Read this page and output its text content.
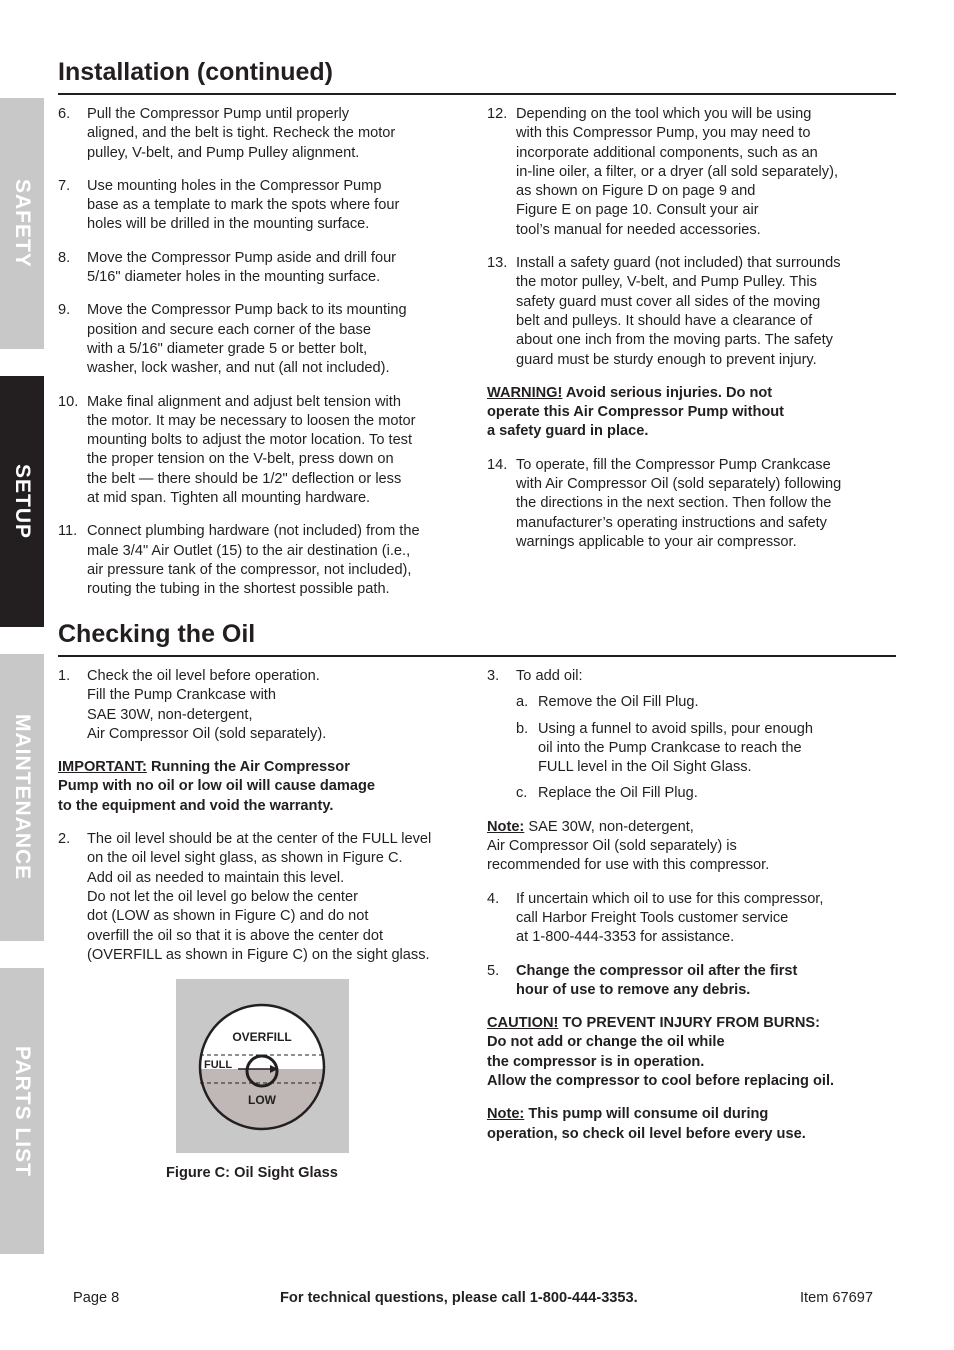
SAFETY
SETUP
MAINTENANCE
PARTS LIST
Installation (continued)
6.	Pull the Compressor Pump until properly
aligned, and the belt is tight. Recheck the motor
pulley, V-belt, and Pump Pulley alignment.
7.	Use mounting holes in the Compressor Pump
base as a template to mark the spots where four
holes will be drilled in the mounting surface.
8.	Move the Compressor Pump aside and drill four
5/16" diameter holes in the mounting surface.
9.	Move the Compressor Pump back to its mounting
position and secure each corner of the base
with a 5/16" diameter grade 5 or better bolt,
washer, lock washer, and nut (all not included).
10. Make final alignment and adjust belt tension with
the motor. It may be necessary to loosen the motor
mounting bolts to adjust the motor location. To test
the proper tension on the V-belt, press down on
the belt — there should be 1/2" deflection or less
at mid span. Tighten all mounting hardware.
11. Connect plumbing hardware (not included) from the
male 3/4" Air Outlet (15) to the air destination (i.e.,
air pressure tank of the compressor, not included),
routing the tubing in the shortest possible path.
12. Depending on the tool which you will be using
with this Compressor Pump, you may need to
incorporate additional components, such as an
in-line oiler, a filter, or a dryer (all sold separately),
as shown on Figure D on page 9 and
Figure E on page 10. Consult your air
tool’s manual for needed accessories.
13. Install a safety guard (not included) that surrounds
the motor pulley, V-belt, and Pump Pulley. This
safety guard must cover all sides of the moving
belt and pulleys. It should have a clearance of
about one inch from the moving parts. The safety
guard must be sturdy enough to prevent injury.
WARNING! Avoid serious injuries. Do not
operate this Air Compressor Pump without
a safety guard in place.
14. To operate, fill the Compressor Pump Crankcase
with Air Compressor Oil (sold separately) following
the directions in the next section. Then follow the
manufacturer’s operating instructions and safety
warnings applicable to your air compressor.
Checking the Oil
1.	Check the oil level before operation.
Fill the Pump Crankcase with
SAE 30W, non-detergent,
Air Compressor Oil (sold separately).
IMPORTANT: Running the Air Compressor
Pump with no oil or low oil will cause damage
to the equipment and void the warranty.
2.	The oil level should be at the center of the FULL level
on the oil level sight glass, as shown in Figure C.
Add oil as needed to maintain this level.
Do not let the oil level go below the center
dot (LOW as shown in Figure C) and do not
overfill the oil so that it is above the center dot
(OVERFILL as shown in Figure C) on the sight glass.
OVERFILL
FULL
LOW
Figure C: Oil Sight Glass
3.	To add oil:
a. Remove the Oil Fill Plug.
b. Using a funnel to avoid spills, pour enough
oil into the Pump Crankcase to reach the
FULL level in the Oil Sight Glass.
c. Replace the Oil Fill Plug.
Note: SAE 30W, non-detergent,
Air Compressor Oil (sold separately) is
recommended for use with this compressor.
4.	If uncertain which oil to use for this compressor,
call Harbor Freight Tools customer service
at 1-800-444-3353 for assistance.
5.	Change the compressor oil after the first
hour of use to remove any debris.
CAUTION! TO PREVENT INJURY FROM BURNS:
Do not add or change the oil while
the compressor is in operation.
Allow the compressor to cool before replacing oil.
Note: This pump will consume oil during
operation, so check oil level before every use.
Page 8	For technical questions, please call 1-800-444-3353.	Item 67697
